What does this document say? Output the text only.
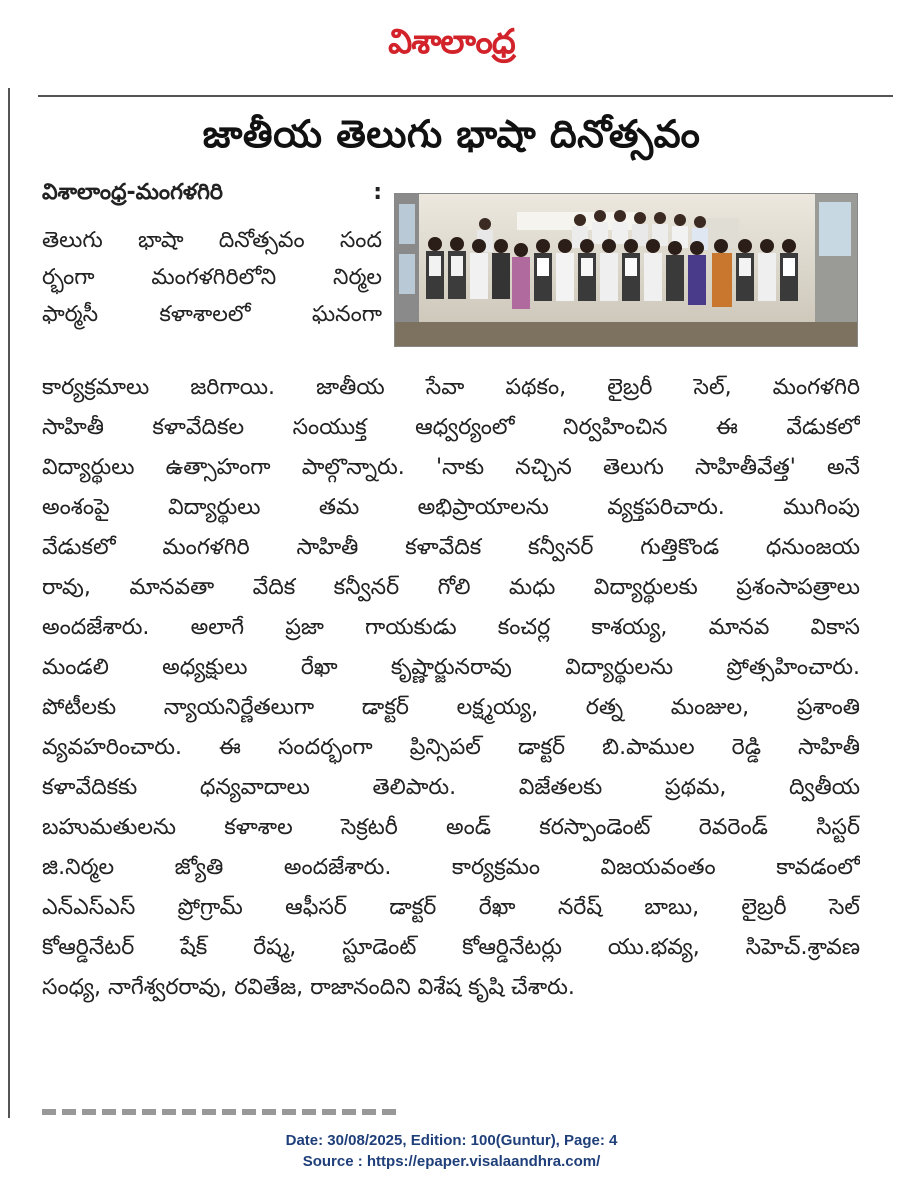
విశాలాంధ్ర
జాతీయ తెలుగు భాషా దినోత్సవం
విశాలాంధ్ర-మంగళగిరి	:
తెలుగు భాషా దినోత్సవం సంద
ర్భంగా మంగళగిరిలోని నిర్మల
ఫార్మసీ కళాశాలలో ఘనంగా
కార్యక్రమాలు జరిగాయి. జాతీయ సేవా పథకం, లైబ్రరీ సెల్, మంగళగిరి
సాహితీ కళావేదికల సంయుక్త ఆధ్వర్యంలో నిర్వహించిన ఈ వేడుకలో
విద్యార్థులు ఉత్సాహంగా పాల్గొన్నారు. 'నాకు నచ్చిన తెలుగు సాహితీవేత్త' అనే
అంశంపై విద్యార్థులు తమ అభిప్రాయాలను వ్యక్తపరిచారు. ముగింపు
వేడుకలో మంగళగిరి సాహితీ కళావేదిక కన్వీనర్ గుత్తికొండ ధనుంజయ
రావు, మానవతా వేదిక కన్వీనర్ గోలి మధు విద్యార్థులకు ప్రశంసాపత్రాలు
అందజేశారు. అలాగే ప్రజా గాయకుడు కంచర్ల కాశయ్య, మానవ వికాస
మండలి అధ్యక్షులు రేఖా కృష్ణార్జునరావు విద్యార్థులను ప్రోత్సహించారు.
పోటీలకు న్యాయనిర్ణేతలుగా డాక్టర్ లక్ష్మయ్య, రత్న మంజుల, ప్రశాంతి
వ్యవహరించారు. ఈ సందర్భంగా ప్రిన్సిపల్ డాక్టర్ బి.పాముల రెడ్డి సాహితీ
కళావేదికకు ధన్యవాదాలు తెలిపారు. విజేతలకు ప్రథమ, ద్వితీయ
బహుమతులను కళాశాల సెక్రటరీ అండ్ కరస్పాండెంట్ రెవరెండ్ సిస్టర్
జి.నిర్మల జ్యోతి అందజేశారు. కార్యక్రమం విజయవంతం కావడంలో
ఎన్ఎస్ఎస్ ప్రోగ్రామ్ ఆఫీసర్ డాక్టర్ రేఖా నరేష్ బాబు, లైబ్రరీ సెల్
కోఆర్డినేటర్ షేక్ రేష్మ, స్టూడెంట్ కోఆర్డినేటర్లు యు.భవ్య, సిహెచ్.శ్రావణ
సంధ్య, నాగేశ్వరరావు, రవితేజ, రాజానందిని విశేష కృషి చేశారు.
Date: 30/08/2025, Edition: 100(Guntur), Page: 4
Source : https://epaper.visalaandhra.com/
